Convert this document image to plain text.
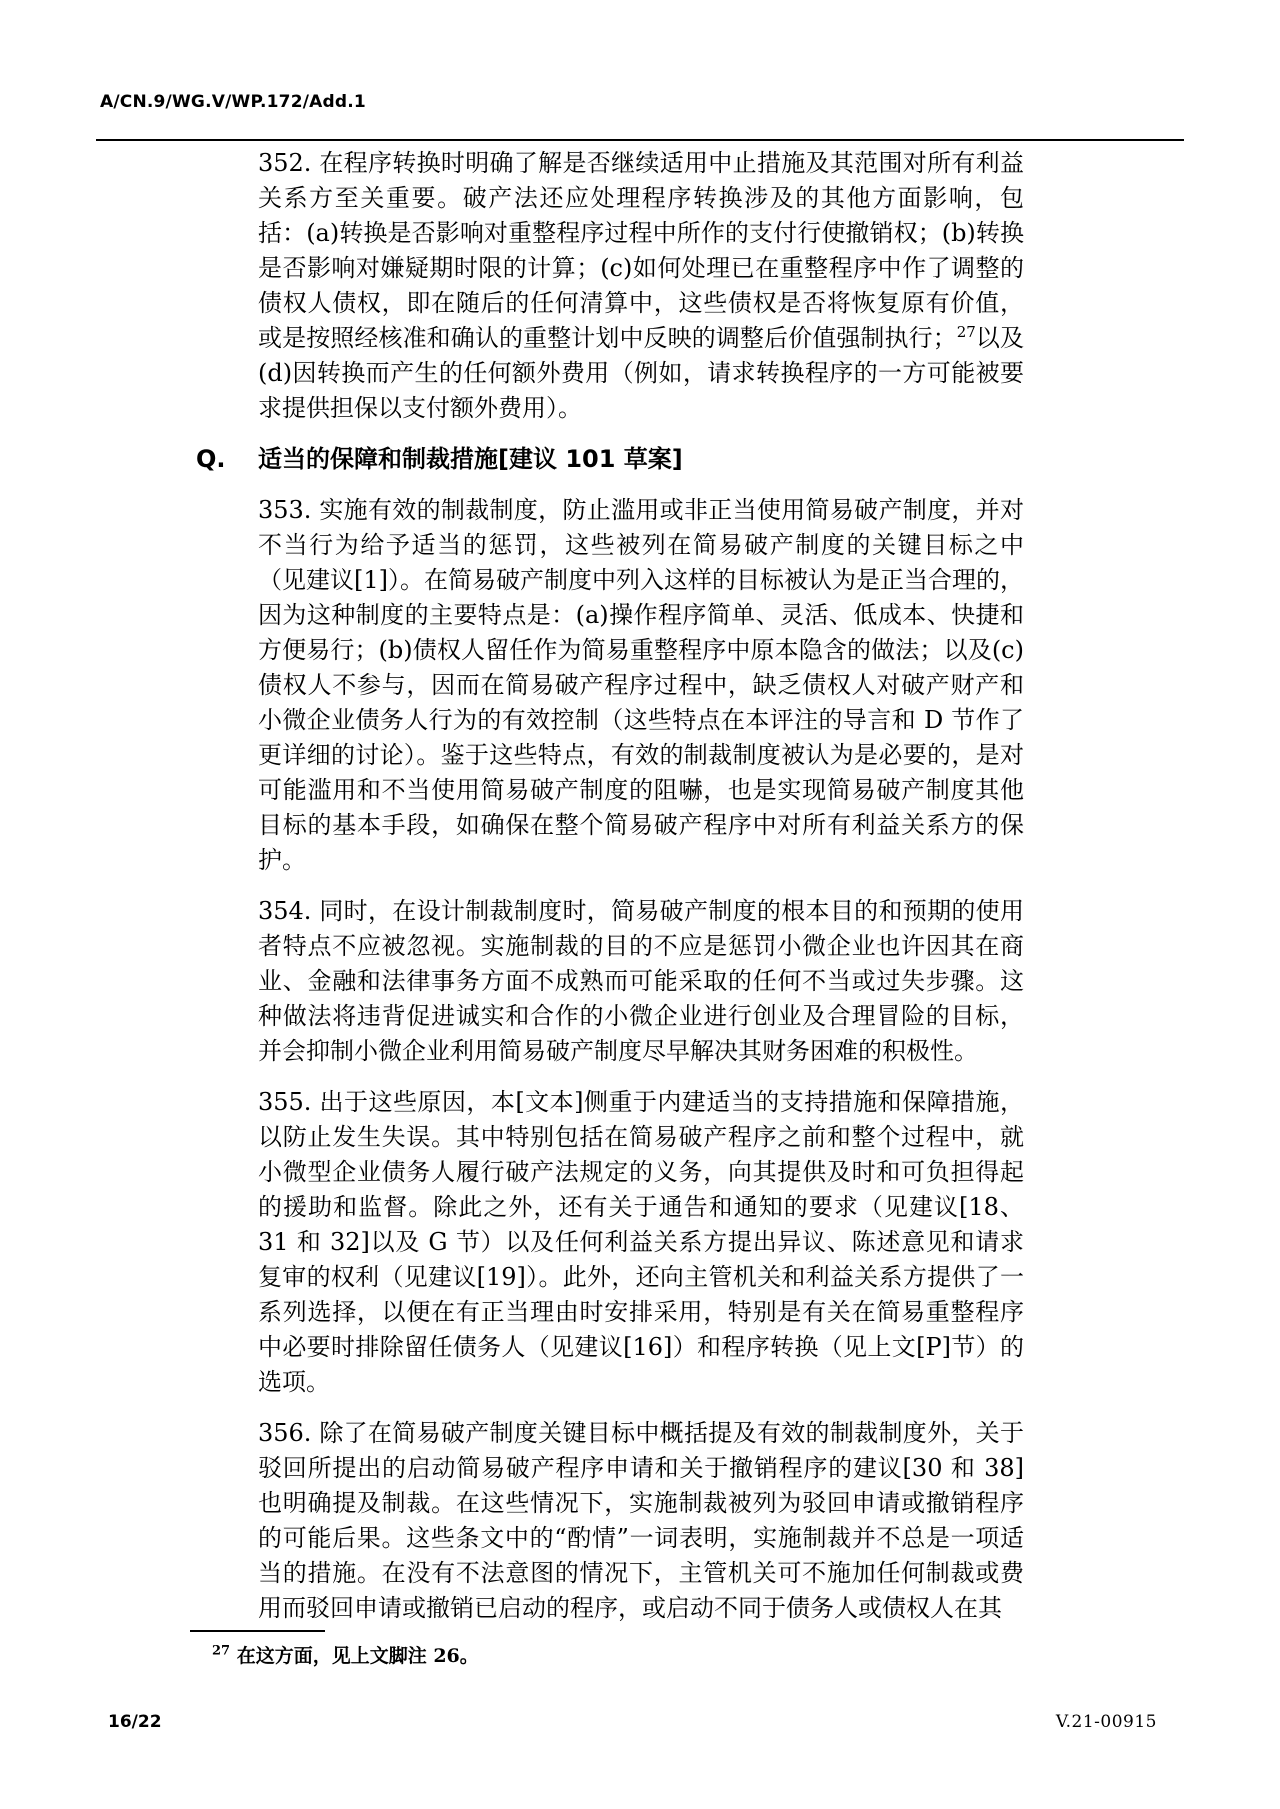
A/CN.9/WG.V/WP.172/Add.1

352. 在程序转换时明确了解是否继续适用中止措施及其范围对所有利益关系方至关重要。破产法还应处理程序转换涉及的其他方面影响，包括：(a)转换是否影响对重整程序过程中所作的支付行使撤销权；(b)转换是否影响对嫌疑期时限的计算；(c)如何处理已在重整程序中作了调整的债权人债权，即在随后的任何清算中，这些债权是否将恢复原有价值，或是按照经核准和确认的重整计划中反映的调整后价值强制执行；$^{27}$以及(d)因转换而产生的任何额外费用（例如，请求转换程序的一方可能被要求提供担保以支付额外费用）。

Q. 适当的保障和制裁措施[建议 101 草案]

353. 实施有效的制裁制度，防止滥用或非正当使用简易破产制度，并对不当行为给予适当的惩罚，这些被列在简易破产制度的关键目标之中（见建议[1]）。在简易破产制度中列入这样的目标被认为是正当合理的，因为这种制度的主要特点是：(a)操作程序简单、灵活、低成本、快捷和方便易行；(b)债权人留任作为简易重整程序中原本隐含的做法；以及(c)债权人不参与，因而在简易破产程序过程中，缺乏债权人对破产财产和小微企业债务人行为的有效控制（这些特点在本评注的导言和 D 节作了更详细的讨论）。鉴于这些特点，有效的制裁制度被认为是必要的，是对可能滥用和不当使用简易破产制度的阻嚇，也是实现简易破产制度其他目标的基本手段，如确保在整个简易破产程序中对所有利益关系方的保护。

354. 同时，在设计制裁制度时，简易破产制度的根本目的和预期的使用者特点不应被忽视。实施制裁的目的不应是惩罚小微企业也许因其在商业、金融和法律事务方面不成熟而可能采取的任何不当或过失步骤。这种做法将违背促进诚实和合作的小微企业进行创业及合理冒险的目标，并会抑制小微企业利用简易破产制度尽早解决其财务困难的积极性。

355. 出于这些原因，本[文本]侧重于内建适当的支持措施和保障措施，以防止发生失误。其中特别包括在简易破产程序之前和整个过程中，就小微型企业债务人履行破产法规定的义务，向其提供及时和可负担得起的援助和监督。除此之外，还有关于通告和通知的要求（见建议[18、31 和 32]以及 G 节）以及任何利益关系方提出异议、陈述意见和请求复审的权利（见建议[19]）。此外，还向主管机关和利益关系方提供了一系列选择，以便在有正当理由时安排采用，特别是有关在简易重整程序中必要时排除留任债务人（见建议[16]）和程序转换（见上文[P]节）的选项。

356. 除了在简易破产制度关键目标中概括提及有效的制裁制度外，关于驳回所提出的启动简易破产程序申请和关于撤销程序的建议[30 和 38]也明确提及制裁。在这些情况下，实施制裁被列为驳回申请或撤销程序的可能后果。这些条文中的“酌情”一词表明，实施制裁并不总是一项适当的措施。在没有不法意图的情况下，主管机关可不施加任何制裁或费用而驳回申请或撤销已启动的程序，或启动不同于债务人或债权人在其

$^{27}$ 在这方面，见上文脚注 26。

16/22	V.21-00915
